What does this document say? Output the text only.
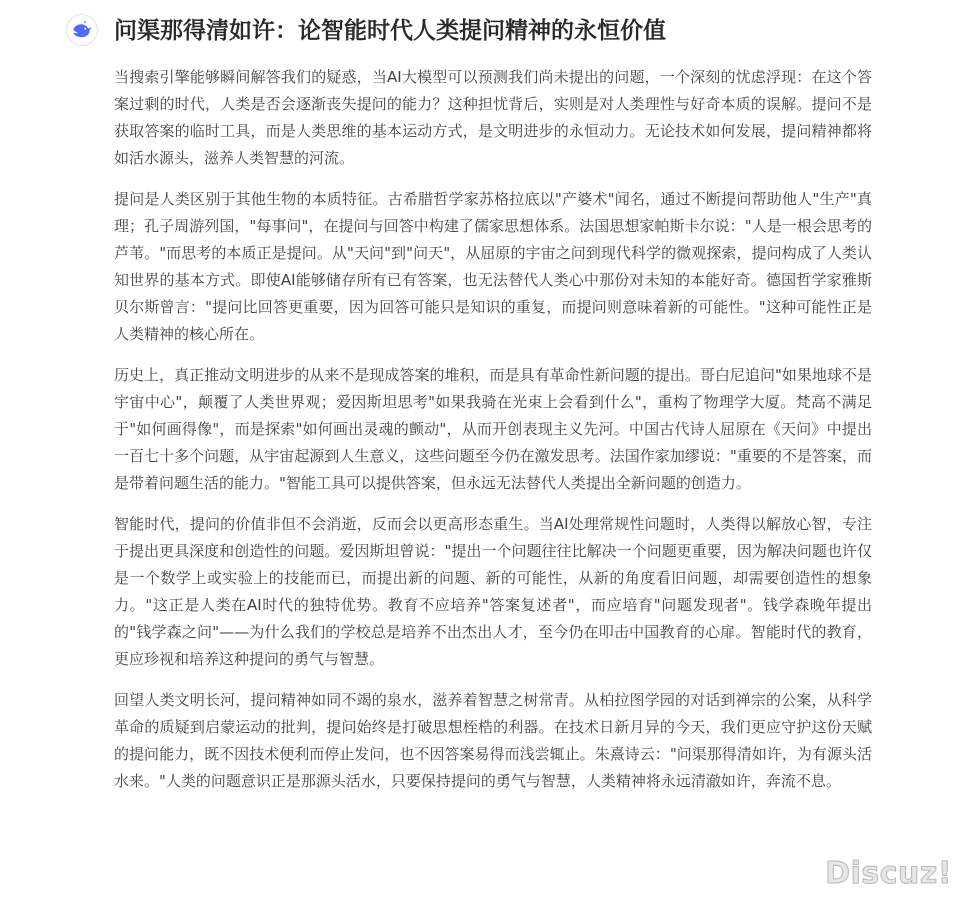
问渠那得清如许：论智能时代人类提问精神的永恒价值

当搜索引擎能够瞬间解答我们的疑惑，当AI大模型可以预测我们尚未提出的问题，一个深刻的忧虑浮现：在这个答案过剩的时代，人类是否会逐渐丧失提问的能力？这种担忧背后，实则是对人类理性与好奇本质的误解。提问不是获取答案的临时工具，而是人类思维的基本运动方式，是文明进步的永恒动力。无论技术如何发展，提问精神都将如活水源头，滋养人类智慧的河流。

提问是人类区别于其他生物的本质特征。古希腊哲学家苏格拉底以"产婆术"闻名，通过不断提问帮助他人"生产"真理；孔子周游列国，"每事问"，在提问与回答中构建了儒家思想体系。法国思想家帕斯卡尔说："人是一根会思考的芦苇。"而思考的本质正是提问。从"天问"到"问天"，从屈原的宇宙之问到现代科学的微观探索，提问构成了人类认知世界的基本方式。即使AI能够储存所有已有答案，也无法替代人类心中那份对未知的本能好奇。德国哲学家雅斯贝尔斯曾言："提问比回答更重要，因为回答可能只是知识的重复，而提问则意味着新的可能性。"这种可能性正是人类精神的核心所在。

历史上，真正推动文明进步的从来不是现成答案的堆积，而是具有革命性新问题的提出。哥白尼追问"如果地球不是宇宙中心"，颠覆了人类世界观；爱因斯坦思考"如果我骑在光束上会看到什么"，重构了物理学大厦。梵高不满足于"如何画得像"，而是探索"如何画出灵魂的颤动"，从而开创表现主义先河。中国古代诗人屈原在《天问》中提出一百七十多个问题，从宇宙起源到人生意义，这些问题至今仍在激发思考。法国作家加缪说："重要的不是答案，而是带着问题生活的能力。"智能工具可以提供答案，但永远无法替代人类提出全新问题的创造力。

智能时代，提问的价值非但不会消逝，反而会以更高形态重生。当AI处理常规性问题时，人类得以解放心智，专注于提出更具深度和创造性的问题。爱因斯坦曾说："提出一个问题往往比解决一个问题更重要，因为解决问题也许仅是一个数学上或实验上的技能而已，而提出新的问题、新的可能性，从新的角度看旧问题，却需要创造性的想象力。"这正是人类在AI时代的独特优势。教育不应培养"答案复述者"，而应培育"问题发现者"。钱学森晚年提出的"钱学森之问"——为什么我们的学校总是培养不出杰出人才，至今仍在叩击中国教育的心扉。智能时代的教育，更应珍视和培养这种提问的勇气与智慧。

回望人类文明长河，提问精神如同不竭的泉水，滋养着智慧之树常青。从柏拉图学园的对话到禅宗的公案，从科学革命的质疑到启蒙运动的批判，提问始终是打破思想桎梏的利器。在技术日新月异的今天，我们更应守护这份天赋的提问能力，既不因技术便利而停止发问，也不因答案易得而浅尝辄止。朱熹诗云："问渠那得清如许，为有源头活水来。"人类的问题意识正是那源头活水，只要保持提问的勇气与智慧，人类精神将永远清澈如许，奔流不息。

Discuz!
